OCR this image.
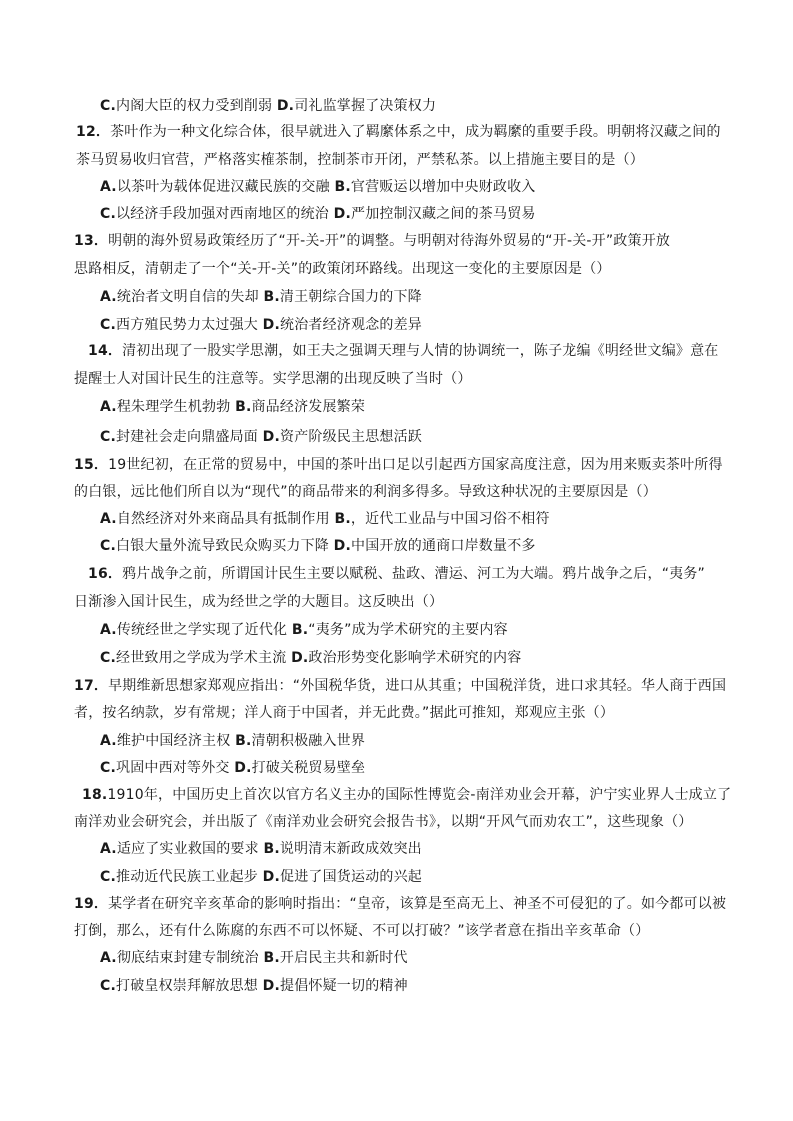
C.内阁大臣的权力受到削弱 D.司礼监掌握了决策权力
12．茶叶作为一种文化综合体，很早就进入了羁縻体系之中，成为羁縻的重要手段。明朝将汉藏之间的
茶马贸易收归官营，严格落实榷茶制，控制茶市开闭，严禁私茶。以上措施主要目的是（）
A.以茶叶为载体促进汉藏民族的交融 B.官营贩运以增加中央财政收入
C.以经济手段加强对西南地区的统治 D.严加控制汉藏之间的茶马贸易
13．明朝的海外贸易政策经历了“开-关-开”的调整。与明朝对待海外贸易的“开-关-开”政策开放
思路相反，清朝走了一个“关-开-关”的政策闭环路线。出现这一变化的主要原因是（）
A.统治者文明自信的失却 B.清王朝综合国力的下降
C.西方殖民势力太过强大 D.统治者经济观念的差异
14．清初出现了一股实学思潮，如王夫之强调天理与人情的协调统一，陈子龙编《明经世文编》意在
提醒士人对国计民生的注意等。实学思潮的出现反映了当时（）
A.程朱理学生机勃勃 B.商品经济发展繁荣
C.封建社会走向鼎盛局面 D.资产阶级民主思想活跃
15．19世纪初，在正常的贸易中，中国的茶叶出口足以引起西方国家高度注意，因为用来贩卖茶叶所得
的白银，远比他们所自以为“现代”的商品带来的利润多得多。导致这种状况的主要原因是（）
A.自然经济对外来商品具有抵制作用 B.，近代工业品与中国习俗不相符
C.白银大量外流导致民众购买力下降 D.中国开放的通商口岸数量不多
16．鸦片战争之前，所谓国计民生主要以赋税、盐政、漕运、河工为大端。鸦片战争之后，“夷务”
日渐渗入国计民生，成为经世之学的大题目。这反映出（）
A.传统经世之学实现了近代化 B.“夷务”成为学术研究的主要内容
C.经世致用之学成为学术主流 D.政治形势变化影响学术研究的内容
17．早期维新思想家郑观应指出：“外国税华货，进口从其重；中国税洋货，进口求其轻。华人商于西国
者，按名纳款，岁有常规；洋人商于中国者，并无此费。”据此可推知，郑观应主张（）
A.维护中国经济主权 B.清朝积极融入世界
C.巩固中西对等外交 D.打破关税贸易壁垒
18.1910年，中国历史上首次以官方名义主办的国际性博览会-南洋劝业会开幕，沪宁实业界人士成立了
南洋劝业会研究会，并出版了《南洋劝业会研究会报告书》，以期“开风气而劝农工”，这些现象（）
A.适应了实业救国的要求 B.说明清末新政成效突出
C.推动近代民族工业起步 D.促进了国货运动的兴起
19．某学者在研究辛亥革命的影响时指出：“皇帝，该算是至高无上、神圣不可侵犯的了。如今都可以被
打倒，那么，还有什么陈腐的东西不可以怀疑、不可以打破？”该学者意在指出辛亥革命（）
A.彻底结束封建专制统治 B.开启民主共和新时代
C.打破皇权崇拜解放思想 D.提倡怀疑一切的精神
